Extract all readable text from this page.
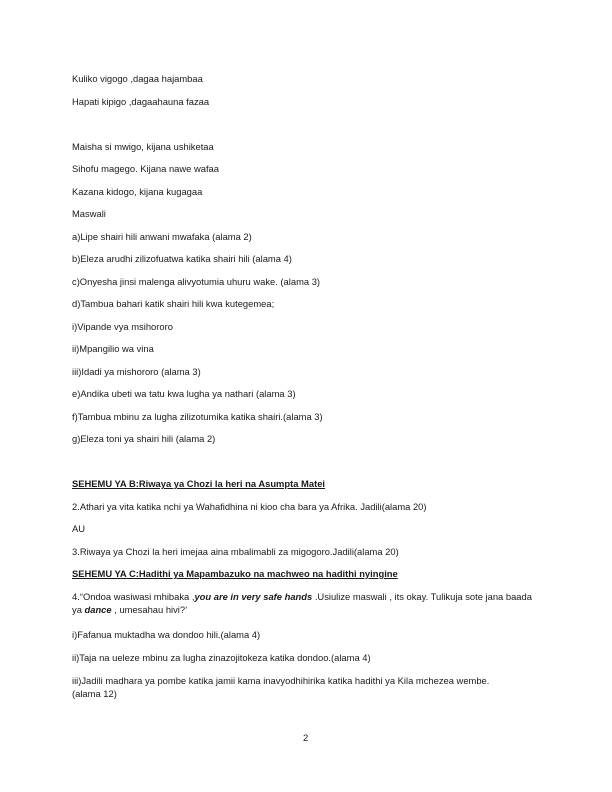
Kuliko vigogo ,dagaa hajambaa
Hapati kipigo ,dagaahauna fazaa
Maisha si mwigo, kijana ushiketaa
Sihofu magego. Kijana nawe wafaa
Kazana kidogo, kijana kugagaa
Maswali
a)Lipe shairi hili anwani mwafaka (alama 2)
b)Eleza arudhi zilizofuatwa katika shairi hili (alama 4)
c)Onyesha jinsi malenga alivyotumia uhuru wake. (alama 3)
d)Tambua bahari katik shairi hili kwa kutegemea;
i)Vipande vya msihororo
ii)Mpangilio wa vina
iii)Idadi ya mishororo (alama 3)
e)Andika ubeti wa tatu kwa lugha ya nathari (alama 3)
f)Tambua mbinu za lugha zilizotumika katika shairi.(alama 3)
g)Eleza toni ya shairi hili (alama 2)
SEHEMU YA B:Riwaya ya Chozi la heri na Asumpta Matei
2.Athari ya vita katika nchi ya Wahafidhina ni kioo cha bara ya Afrika. Jadili(alama 20)
AU
3.Riwaya ya Chozi la heri imejaa aina mbalimabli za migogoro.Jadili(alama 20)
SEHEMU YA C:Hadithi ya Mapambazuko na machweo na hadithi nyingine
4.“Ondoa wasiwasi mhibaka ,you are in very safe hands .Usiulize maswali , its okay. Tulikuja sote jana baada ya dance , umesahau hivi?’
i)Fafanua muktadha wa dondoo hili.(alama 4)
ii)Taja na ueleze mbinu za lugha zinazojitokeza katika dondoo.(alama 4)
iii)Jadili madhara ya pombe katika jamii kama inavyodhihirika katika hadithi ya Kila mchezea wembe.(alama 12)
2
